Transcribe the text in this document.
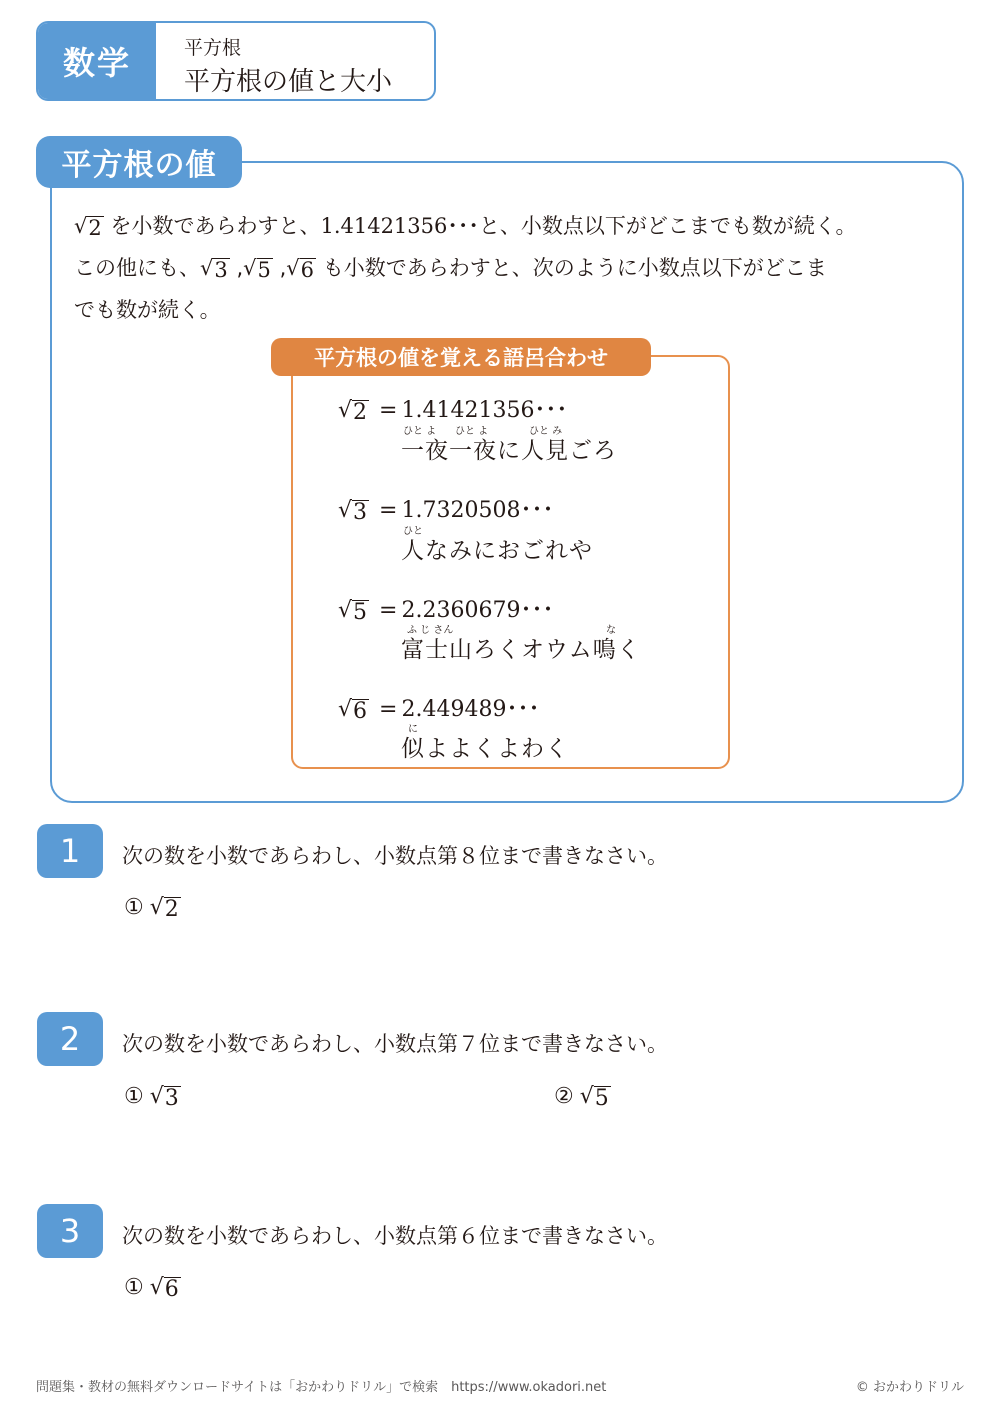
数学	平方根
平方根の値と大小
平方根の値
√ 2 を小数であらわすと、1.41421356･･･と、小数点以下がどこまでも数が続く。
この他にも、 √ 3 , √ 5 , √ 6 も小数であらわすと、次のように小数点以下がどこま
でも数が続く。
平方根の値を覚える語呂合わせ
√ 2 = 1.41421356･･･
ひと よ ひと よ	ひと み
一夜一夜に人見ごろ
√ 3 = 1.7320508･･･
ひと
人なみにおごれや
√ 5 = 2.2360679･･･
ふ じ さん	な
富士山ろくオウム鳴く
√ 6 = 2.449489･･･
に
似よよくよわく
1	次の数を小数であらわし、小数点第８位まで書きなさい。
① √ 2
2	次の数を小数であらわし、小数点第７位まで書きなさい。
① √ 3	② √ 5
3	次の数を小数であらわし、小数点第６位まで書きなさい。
① √ 6
問題集・教材の無料ダウンロードサイトは「おかわりドリル」で検索　https://www.okadori.net	© おかわりドリル
